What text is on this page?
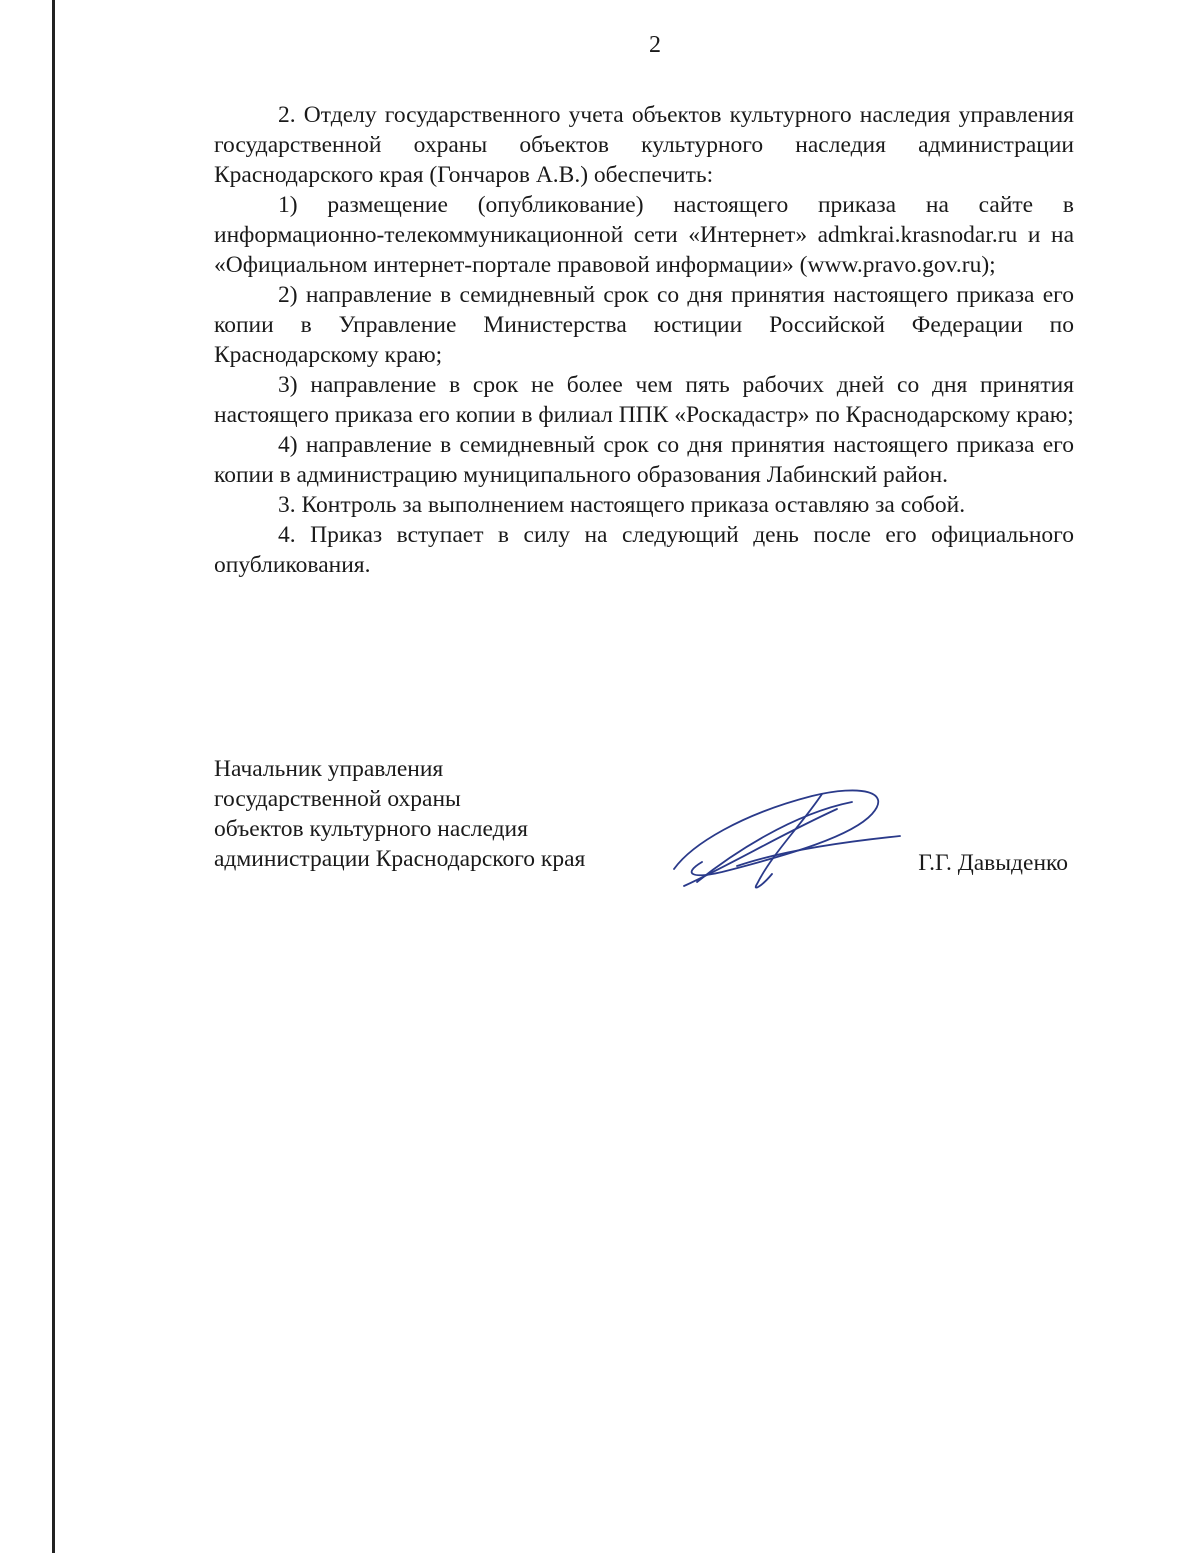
2

2. Отделу государственного учета объектов культурного наследия управления государственной охраны объектов культурного наследия администрации Краснодарского края (Гончаров А.В.) обеспечить:

1) размещение (опубликование) настоящего приказа на сайте в информационно-телекоммуникационной сети «Интернет» admkrai.krasnodar.ru и на «Официальном интернет-портале правовой информации» (www.pravo.gov.ru);

2) направление в семидневный срок со дня принятия настоящего приказа его копии в Управление Министерства юстиции Российской Федерации по Краснодарскому краю;

3) направление в срок не более чем пять рабочих дней со дня принятия настоящего приказа его копии в филиал ППК «Роскадастр» по Краснодарскому краю;

4) направление в семидневный срок со дня принятия настоящего приказа его копии в администрацию муниципального образования Лабинский район.

3. Контроль за выполнением настоящего приказа оставляю за собой.

4. Приказ вступает в силу на следующий день после его официального опубликования.

Начальник управления
государственной охраны
объектов культурного наследия
администрации Краснодарского края	Г.Г. Давыденко
